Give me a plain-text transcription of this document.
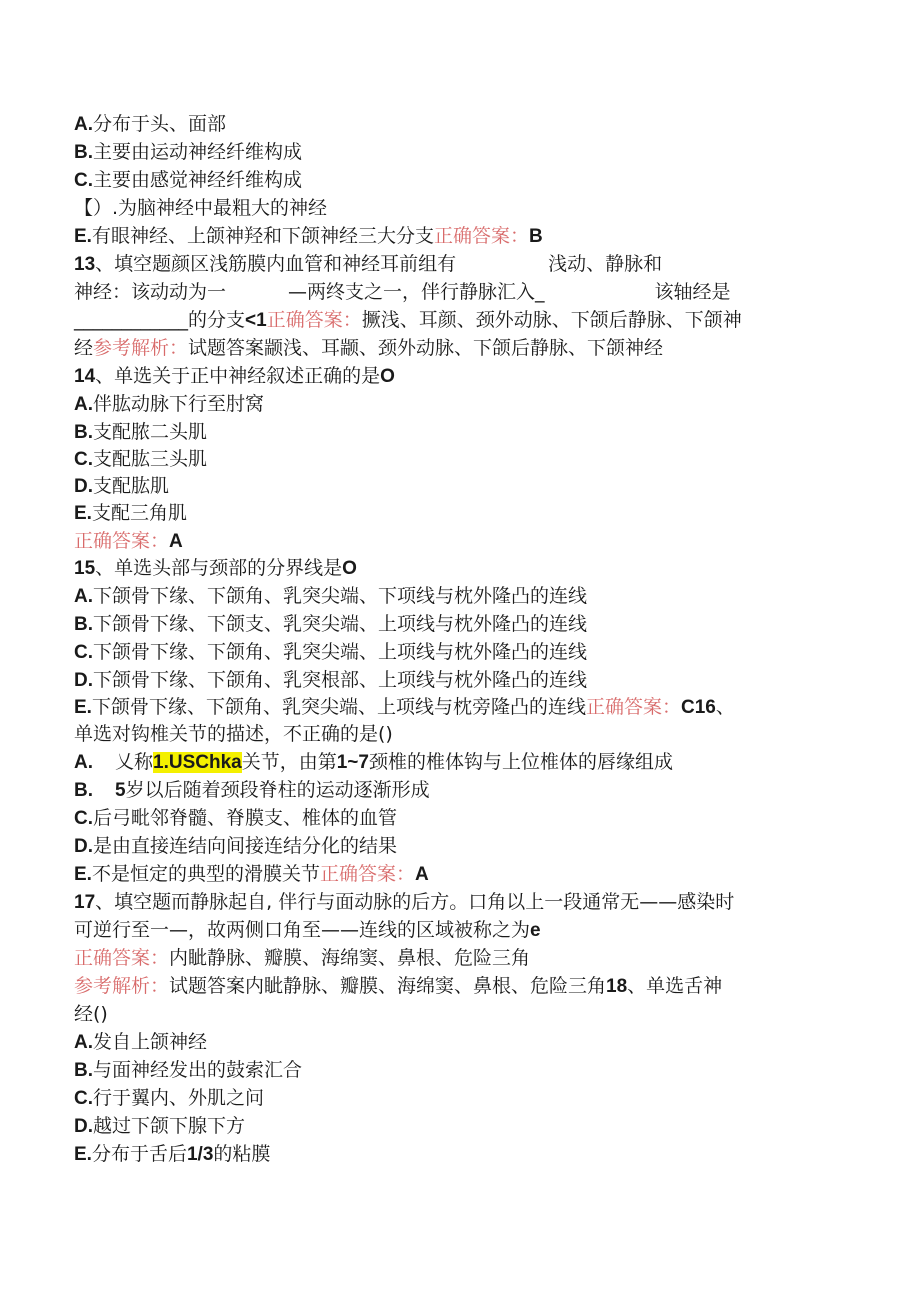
A.分布于头、面部
B.主要由运动神经纤维构成
C.主要由感觉神经纤维构成
【）.为脑神经中最粗大的神经
E.有眼神经、上颌神羟和下颌神经三大分支正确答案：B
13、填空题颜区浅筋膜内血管和神经耳前组有	浅动、静脉和
神经：该动动为一	—两终支之一，伴行静脉汇入_	该轴经是
____________的分支<1正确答案：撅浅、耳颜、颈外动脉、下颌后静脉、下颌神
经参考解析：试题答案颛浅、耳颛、颈外动脉、下颌后静脉、下颌神经
14、单选关于正中神经叙述正确的是O
A.伴肱动脉下行至肘窝
B.支配脓二头肌
C.支配肱三头肌
D.支配肱肌
E.支配三角肌
正确答案：A
15、单选头部与颈部的分界线是O
A.下颌骨下缘、下颌角、乳突尖端、下项线与枕外隆凸的连线
B.下颌骨下缘、下颌支、乳突尖端、上项线与枕外隆凸的连线
C.下颌骨下缘、下颌角、乳突尖端、上项线与枕外隆凸的连线
D.下颌骨下缘、下颌角、乳突根部、上项线与枕外隆凸的连线
E.下颌骨下缘、下颌角、乳突尖端、上项线与枕旁隆凸的连线正确答案：C16、
单选对钩椎关节的描述，不正确的是()
A. 乂称1.USChka关节，由第1~7颈椎的椎体钩与上位椎体的唇缘组成
B. 5岁以后随着颈段脊柱的运动逐渐形成
C.后弓毗邻脊髓、脊膜支、椎体的血管
D.是由直接连结向间接连结分化的结果
E.不是恒定的典型的滑膜关节正确答案：A
17、填空题而静脉起自, 伴行与面动脉的后方。口角以上一段通常无——感染时
可逆行至一—，故两侧口角至——连线的区域被称之为e
正确答案：内眦静脉、瓣膜、海绵窦、鼻根、危险三角
参考解析：试题答案内眦静脉、瓣膜、海绵窦、鼻根、危险三角18、单选舌神
经()
A.发自上颌神经
B.与面神经发出的鼓索汇合
C.行于翼内、外肌之问
D.越过下颌下腺下方
E.分布于舌后1/3的粘膜
